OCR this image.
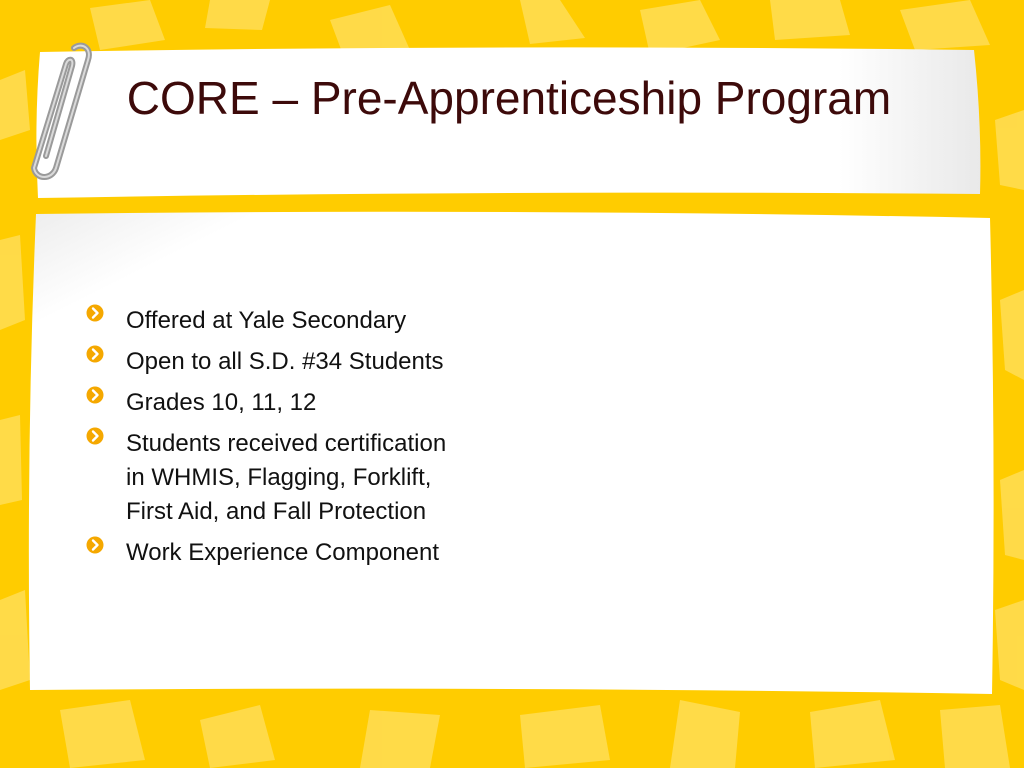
CORE – Pre-Apprenticeship Program
Offered at Yale Secondary
Open to all S.D. #34 Students
Grades 10, 11, 12
Students received certification in WHMIS, Flagging, Forklift, First Aid, and Fall Protection
Work Experience Component
